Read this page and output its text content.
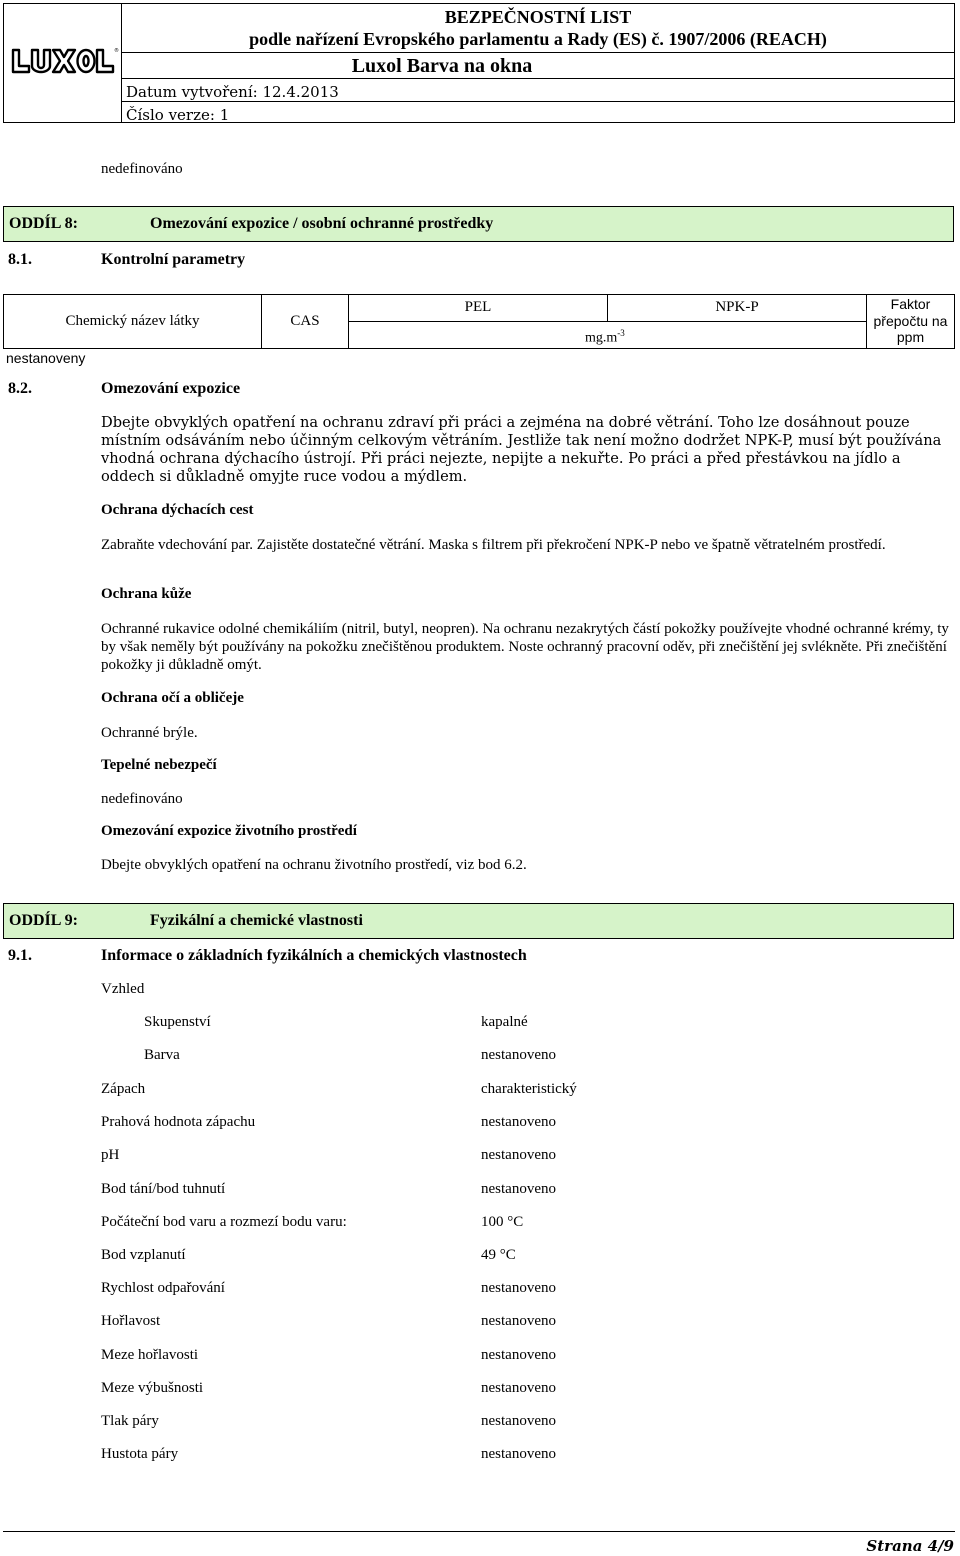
®
BEZPEČNOSTNÍ LIST
podle nařízení Evropského parlamentu a Rady (ES) č. 1907/2006 (REACH)
Luxol Barva na okna
Datum vytvoření: 12.4.2013
Číslo verze: 1
nedefinováno
ODDÍL 8:	Omezování expozice / osobní ochranné prostředky
8.1.	Kontrolní parametry
Chemický název látky	CAS
PEL	NPK-P
$mg.m^{-3}$
Faktor přepočtu na ppm
nestanoveny
8.2.	Omezování expozice
Dbejte obvyklých opatření na ochranu zdraví při práci a zejména na dobré větrání. Toho lze dosáhnout pouze místním odsáváním nebo účinným celkovým větráním. Jestliže tak není možno dodržet NPK-P, musí být používána vhodná ochrana dýchacího ústrojí. Při práci nejezte, nepijte a nekuřte. Po práci a před přestávkou na jídlo a oddech si důkladně omyjte ruce vodou a mýdlem.
Ochrana dýchacích cest
Zabraňte vdechování par. Zajistěte dostatečné větrání. Maska s filtrem při překročení NPK-P nebo ve špatně větratelném prostředí.
Ochrana kůže
Ochranné rukavice odolné chemikáliím (nitril, butyl, neopren). Na ochranu nezakrytých částí pokožky používejte vhodné ochranné krémy, ty by však neměly být používány na pokožku znečištěnou produktem. Noste ochranný pracovní oděv, při znečištění jej svlékněte. Při znečištění pokožky ji důkladně omýt.
Ochrana očí a obličeje
Ochranné brýle.
Tepelné nebezpečí
nedefinováno
Omezování expozice životního prostředí
Dbejte obvyklých opatření na ochranu životního prostředí, viz bod 6.2.
ODDÍL 9:	Fyzikální a chemické vlastnosti
9.1.	Informace o základních fyzikálních a chemických vlastnostech
Vzhled
Skupenství	kapalné
Barva	nestanoveno
Zápach	charakteristický
Prahová hodnota zápachu	nestanoveno
pH	nestanoveno
Bod tání/bod tuhnutí	nestanoveno
Počáteční bod varu a rozmezí bodu varu:	100 °C
Bod vzplanutí	49 °C
Rychlost odpařování	nestanoveno
Hořlavost	nestanoveno
Meze hořlavosti	nestanoveno
Meze výbušnosti	nestanoveno
Tlak páry	nestanoveno
Hustota páry	nestanoveno
Strana 4/9
